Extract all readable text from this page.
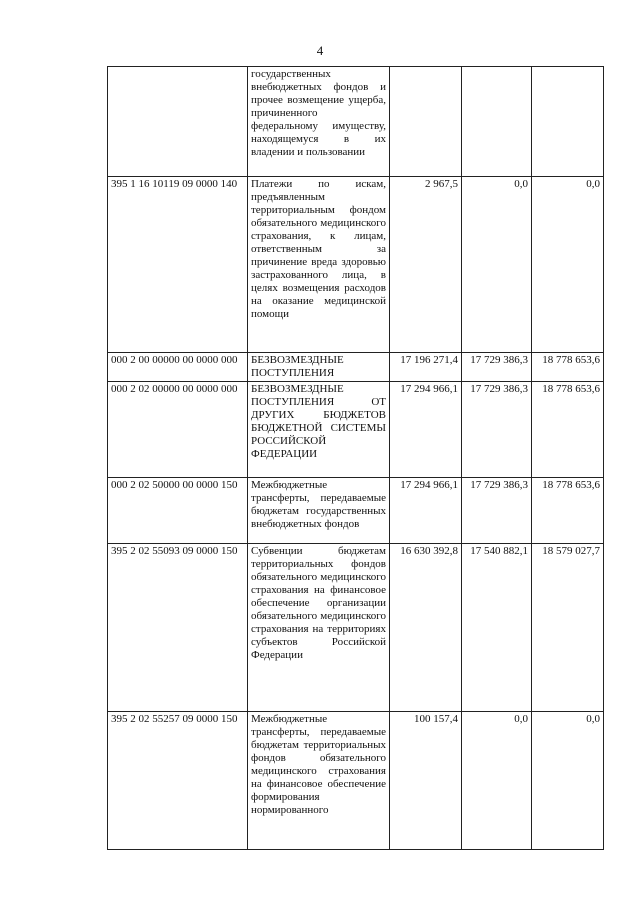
4
	государственных внебюджетных фондов и прочее возмещение ущерба, причиненного федеральному имуществу, находящемуся в их владении и пользовании			
395 1 16 10119 09 0000 140	Платежи по искам, предъявленным территориальным фондом обязательного медицинского страхования, к лицам, ответственным за причинение вреда здоровью застрахованного лица, в целях возмещения расходов на оказание медицинской помощи	2 967,5	0,0	0,0
000 2 00 00000 00 0000 000	БЕЗВОЗМЕЗДНЫЕ ПОСТУПЛЕНИЯ	17 196 271,4	17 729 386,3	18 778 653,6
000 2 02 00000 00 0000 000	БЕЗВОЗМЕЗДНЫЕ ПОСТУПЛЕНИЯ ОТ ДРУГИХ БЮДЖЕТОВ БЮДЖЕТНОЙ СИСТЕМЫ РОССИЙСКОЙ ФЕДЕРАЦИИ	17 294 966,1	17 729 386,3	18 778 653,6
000 2 02 50000 00 0000 150	Межбюджетные трансферты, передаваемые бюджетам государственных внебюджетных фондов	17 294 966,1	17 729 386,3	18 778 653,6
395 2 02 55093 09 0000 150	Субвенции бюджетам территориальных фондов обязательного медицинского страхования на финансовое обеспечение организации обязательного медицинского страхования на территориях субъектов Российской Федерации	16 630 392,8	17 540 882,1	18 579 027,7
395 2 02 55257 09 0000 150	Межбюджетные трансферты, передаваемые бюджетам территориальных фондов обязательного медицинского страхования на финансовое обеспечение формирования нормированного	100 157,4	0,0	0,0
